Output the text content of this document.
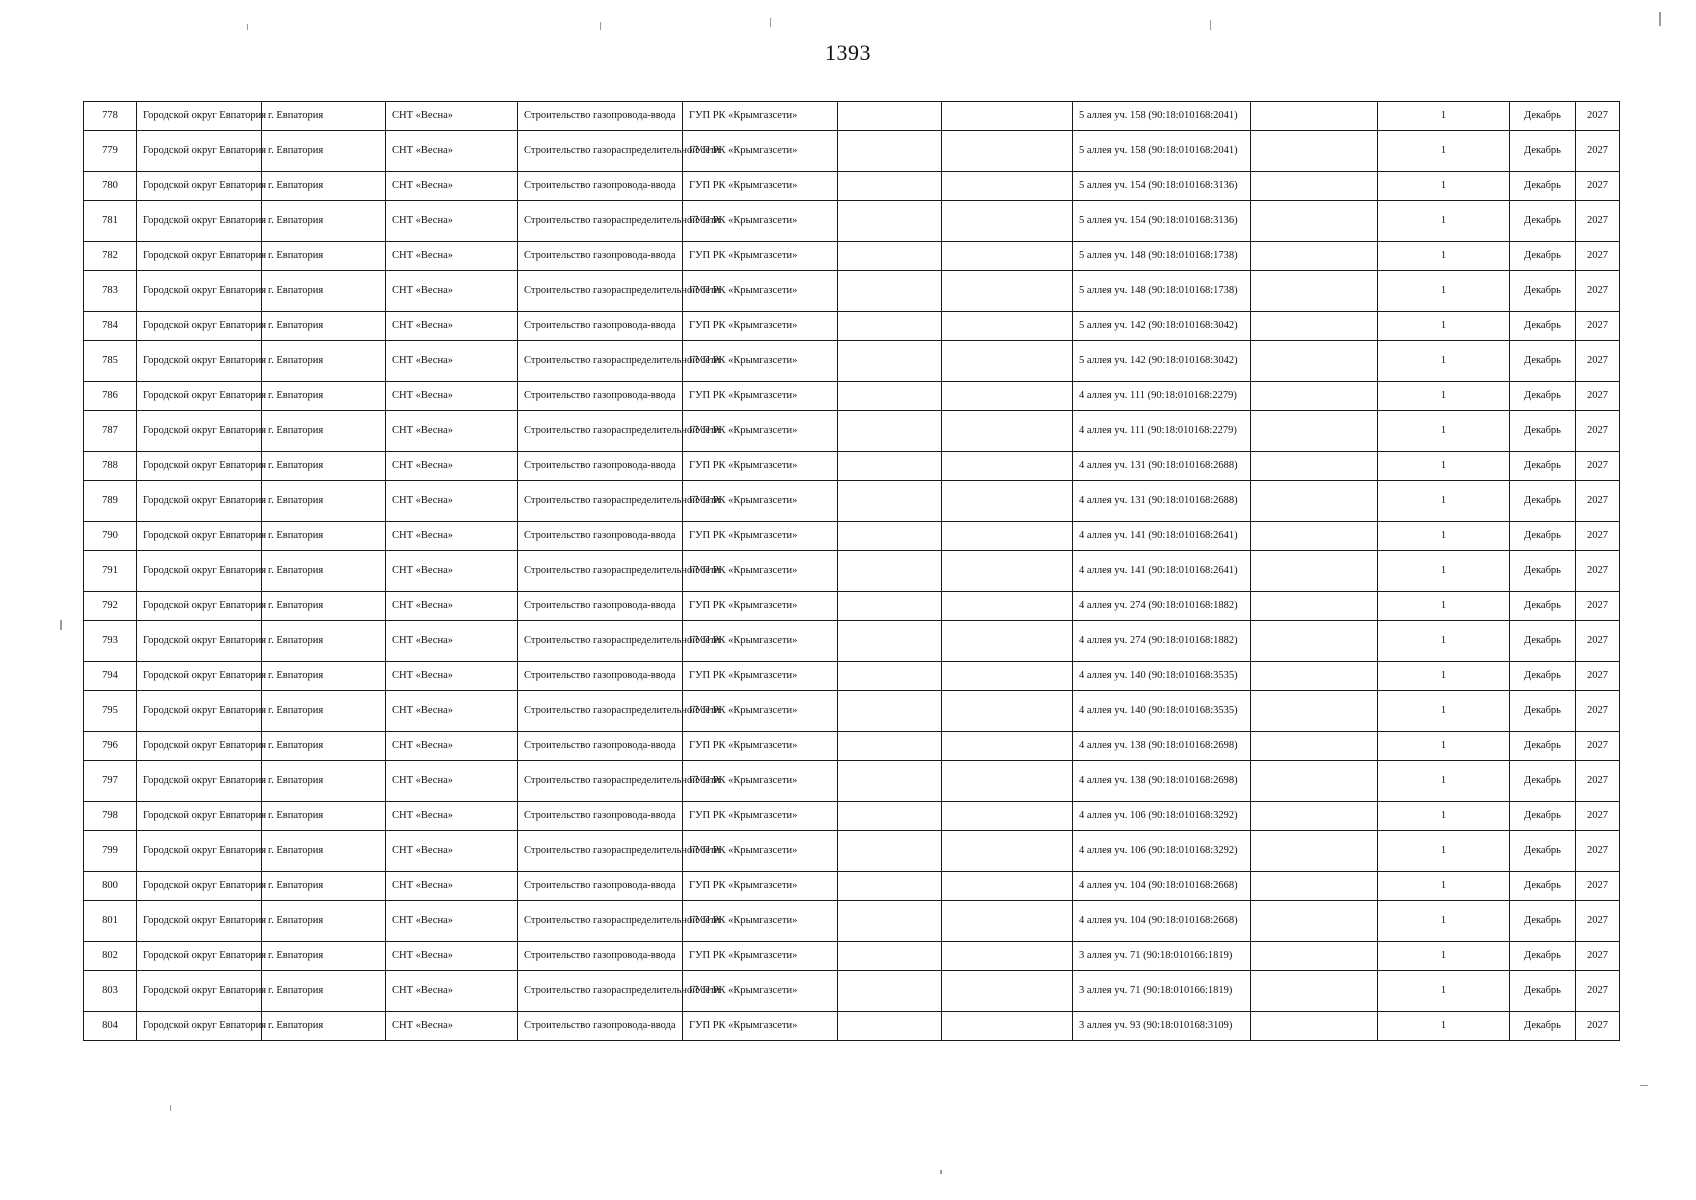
1393
778	Городской округ Евпатория	г. Евпатория	СНТ «Весна»	Строительство газопровода-ввода	ГУП РК «Крымгазсети»			5 аллея уч. 158 (90:18:010168:2041)		1	Декабрь	2027
779	Городской округ Евпатория	г. Евпатория	СНТ «Весна»	Строительство газораспределительной сети	ГУП РК «Крымгазсети»			5 аллея уч. 158 (90:18:010168:2041)		1	Декабрь	2027
780	Городской округ Евпатория	г. Евпатория	СНТ «Весна»	Строительство газопровода-ввода	ГУП РК «Крымгазсети»			5 аллея уч. 154 (90:18:010168:3136)		1	Декабрь	2027
781	Городской округ Евпатория	г. Евпатория	СНТ «Весна»	Строительство газораспределительной сети	ГУП РК «Крымгазсети»			5 аллея уч. 154 (90:18:010168:3136)		1	Декабрь	2027
782	Городской округ Евпатория	г. Евпатория	СНТ «Весна»	Строительство газопровода-ввода	ГУП РК «Крымгазсети»			5 аллея уч. 148 (90:18:010168:1738)		1	Декабрь	2027
783	Городской округ Евпатория	г. Евпатория	СНТ «Весна»	Строительство газораспределительной сети	ГУП РК «Крымгазсети»			5 аллея уч. 148 (90:18:010168:1738)		1	Декабрь	2027
784	Городской округ Евпатория	г. Евпатория	СНТ «Весна»	Строительство газопровода-ввода	ГУП РК «Крымгазсети»			5 аллея уч. 142 (90:18:010168:3042)		1	Декабрь	2027
785	Городской округ Евпатория	г. Евпатория	СНТ «Весна»	Строительство газораспределительной сети	ГУП РК «Крымгазсети»			5 аллея уч. 142 (90:18:010168:3042)		1	Декабрь	2027
786	Городской округ Евпатория	г. Евпатория	СНТ «Весна»	Строительство газопровода-ввода	ГУП РК «Крымгазсети»			4 аллея уч. 111 (90:18:010168:2279)		1	Декабрь	2027
787	Городской округ Евпатория	г. Евпатория	СНТ «Весна»	Строительство газораспределительной сети	ГУП РК «Крымгазсети»			4 аллея уч. 111 (90:18:010168:2279)		1	Декабрь	2027
788	Городской округ Евпатория	г. Евпатория	СНТ «Весна»	Строительство газопровода-ввода	ГУП РК «Крымгазсети»			4 аллея уч. 131 (90:18:010168:2688)		1	Декабрь	2027
789	Городской округ Евпатория	г. Евпатория	СНТ «Весна»	Строительство газораспределительной сети	ГУП РК «Крымгазсети»			4 аллея уч. 131 (90:18:010168:2688)		1	Декабрь	2027
790	Городской округ Евпатория	г. Евпатория	СНТ «Весна»	Строительство газопровода-ввода	ГУП РК «Крымгазсети»			4 аллея уч. 141 (90:18:010168:2641)		1	Декабрь	2027
791	Городской округ Евпатория	г. Евпатория	СНТ «Весна»	Строительство газораспределительной сети	ГУП РК «Крымгазсети»			4 аллея уч. 141 (90:18:010168:2641)		1	Декабрь	2027
792	Городской округ Евпатория	г. Евпатория	СНТ «Весна»	Строительство газопровода-ввода	ГУП РК «Крымгазсети»			4 аллея уч. 274 (90:18:010168:1882)		1	Декабрь	2027
793	Городской округ Евпатория	г. Евпатория	СНТ «Весна»	Строительство газораспределительной сети	ГУП РК «Крымгазсети»			4 аллея уч. 274 (90:18:010168:1882)		1	Декабрь	2027
794	Городской округ Евпатория	г. Евпатория	СНТ «Весна»	Строительство газопровода-ввода	ГУП РК «Крымгазсети»			4 аллея уч. 140 (90:18:010168:3535)		1	Декабрь	2027
795	Городской округ Евпатория	г. Евпатория	СНТ «Весна»	Строительство газораспределительной сети	ГУП РК «Крымгазсети»			4 аллея уч. 140 (90:18:010168:3535)		1	Декабрь	2027
796	Городской округ Евпатория	г. Евпатория	СНТ «Весна»	Строительство газопровода-ввода	ГУП РК «Крымгазсети»			4 аллея уч. 138 (90:18:010168:2698)		1	Декабрь	2027
797	Городской округ Евпатория	г. Евпатория	СНТ «Весна»	Строительство газораспределительной сети	ГУП РК «Крымгазсети»			4 аллея уч. 138 (90:18:010168:2698)		1	Декабрь	2027
798	Городской округ Евпатория	г. Евпатория	СНТ «Весна»	Строительство газопровода-ввода	ГУП РК «Крымгазсети»			4 аллея уч. 106 (90:18:010168:3292)		1	Декабрь	2027
799	Городской округ Евпатория	г. Евпатория	СНТ «Весна»	Строительство газораспределительной сети	ГУП РК «Крымгазсети»			4 аллея уч. 106 (90:18:010168:3292)		1	Декабрь	2027
800	Городской округ Евпатория	г. Евпатория	СНТ «Весна»	Строительство газопровода-ввода	ГУП РК «Крымгазсети»			4 аллея уч. 104 (90:18:010168:2668)		1	Декабрь	2027
801	Городской округ Евпатория	г. Евпатория	СНТ «Весна»	Строительство газораспределительной сети	ГУП РК «Крымгазсети»			4 аллея уч. 104 (90:18:010168:2668)		1	Декабрь	2027
802	Городской округ Евпатория	г. Евпатория	СНТ «Весна»	Строительство газопровода-ввода	ГУП РК «Крымгазсети»			3 аллея уч. 71 (90:18:010166:1819)		1	Декабрь	2027
803	Городской округ Евпатория	г. Евпатория	СНТ «Весна»	Строительство газораспределительной сети	ГУП РК «Крымгазсети»			3 аллея уч. 71 (90:18:010166:1819)		1	Декабрь	2027
804	Городской округ Евпатория	г. Евпатория	СНТ «Весна»	Строительство газопровода-ввода	ГУП РК «Крымгазсети»			3 аллея уч. 93 (90:18:010168:3109)		1	Декабрь	2027
